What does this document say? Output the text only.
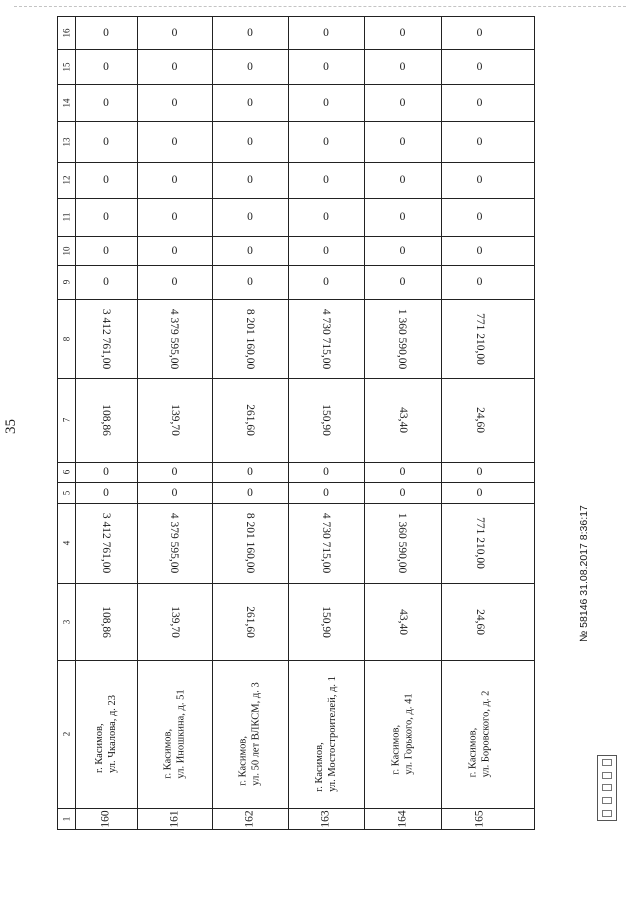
35
16
15
14
13
12
11
10
9
8
7
6
5
4
3
2
1
0
0
0
0
0
0
0
0
3 412 761,00
108,86
0
0
3 412 761,00
108,86
г. Касимов, ул. Чкалова, д. 23
160
0
0
0
0
0
0
0
0
4 379 595,00
139,70
0
0
4 379 595,00
139,70
г. Касимов, ул. Иношкина, д. 51
161
0
0
0
0
0
0
0
0
8 201 160,00
261,60
0
0
8 201 160,00
261,60
г. Касимов, ул. 50 лет ВЛКСМ, д. 3
162
0
0
0
0
0
0
0
0
4 730 715,00
150,90
0
0
4 730 715,00
150,90
г. Касимов, ул. Мостостроителей, д. 1
163
0
0
0
0
0
0
0
0
1 360 590,00
43,40
0
0
1 360 590,00
43,40
г. Касимов, ул. Горького, д. 41
164
0
0
0
0
0
0
0
0
771 210,00
24,60
0
0
771 210,00
24,60
г. Касимов, ул. Боровского, д. 2
165
№ 58146 31.08.2017 8:36:17
